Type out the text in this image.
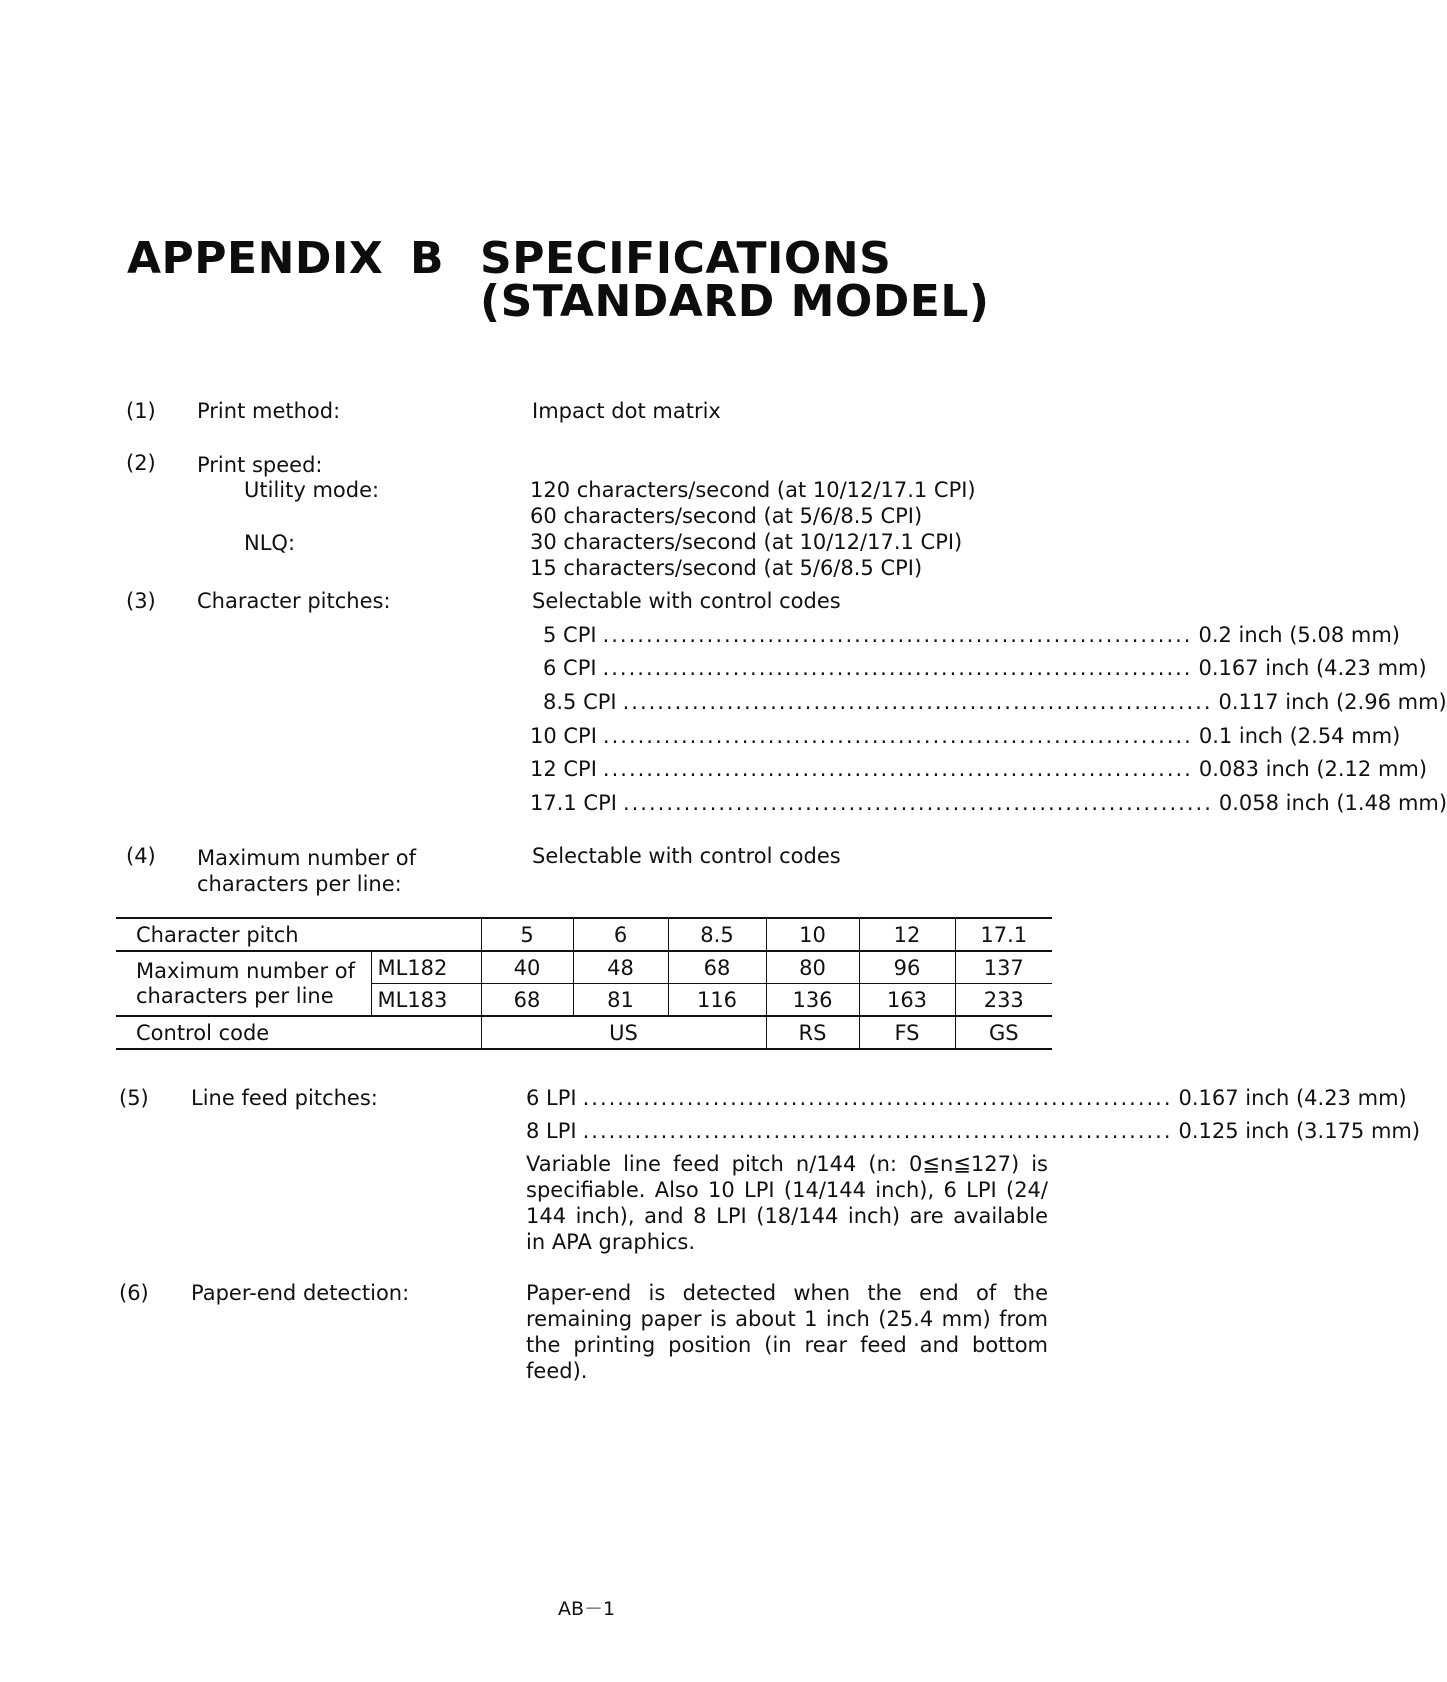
APPENDIX B SPECIFICATIONS
(STANDARD MODEL)
(1) Print method:	Impact dot matrix
(2) Print speed:
Utility mode:	120 characters/second (at 10/12/17.1 CPI)
60 characters/second (at 5/6/8.5 CPI)
NLQ:	30 characters/second (at 10/12/17.1 CPI)
15 characters/second (at 5/6/8.5 CPI)
(3) Character pitches:	Selectable with control codes
5 CPI .................................................................... 0.2 inch (5.08 mm)
6 CPI .................................................................... 0.167 inch (4.23 mm)
8.5 CPI .................................................................... 0.117 inch (2.96 mm)
10 CPI .................................................................... 0.1 inch (2.54 mm)
12 CPI .................................................................... 0.083 inch (2.12 mm)
17.1 CPI .................................................................... 0.058 inch (1.48 mm)
(4) Maximum number of
characters per line:
Selectable with control codes
Character pitch		5	6	8.5	10	12	17.1
Maximum number of
characters per line	ML182	40	48	68	80	96	137
	ML183	68	81	116	136	163	233
Control code		US			RS	FS	GS
(5) Line feed pitches:	6 LPI .................................................................... 0.167 inch (4.23 mm)
8 LPI .................................................................... 0.125 inch (3.175 mm)
Variable line feed pitch n/144 (n: 0≦n≦127) is specifiable. Also 10 LPI (14/144 inch), 6 LPI (24/ 144 inch), and 8 LPI (18/144 inch) are available in APA graphics.
(6) Paper-end detection:	Paper-end is detected when the end of the remaining paper is about 1 inch (25.4 mm) from the printing position (in rear feed and bottom feed).
AB－1
